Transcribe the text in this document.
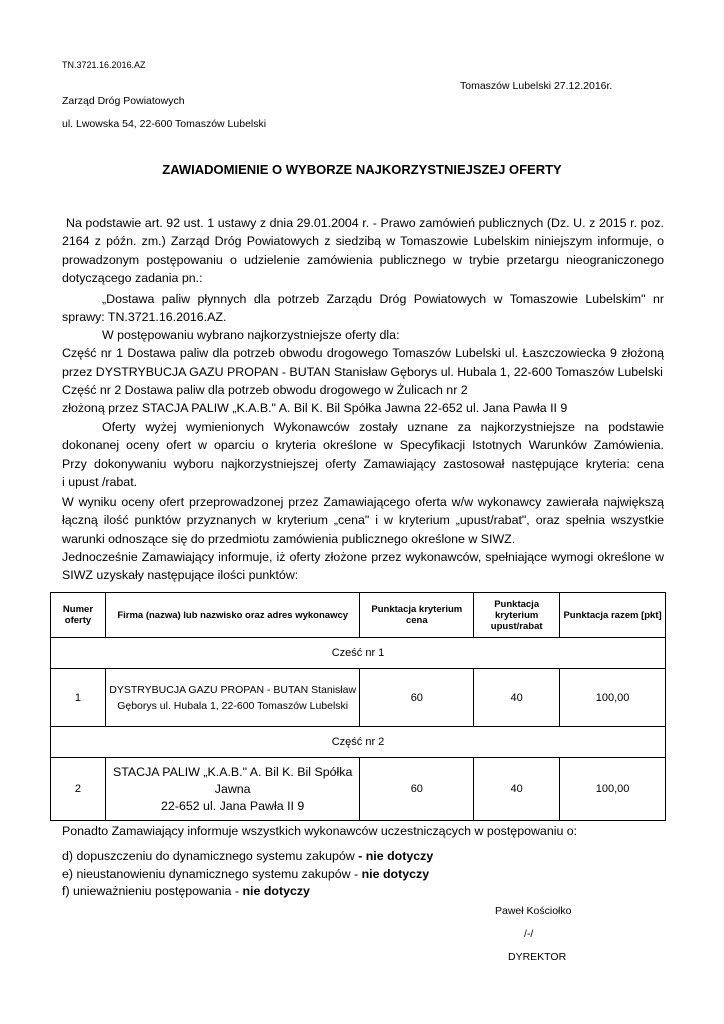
TN.3721.16.2016.AZ
Tomaszów Lubelski 27.12.2016r.
Zarząd Dróg Powiatowych
ul. Lwowska 54, 22-600 Tomaszów Lubelski
ZAWIADOMIENIE O WYBORZE NAJKORZYSTNIEJSZEJ OFERTY
Na podstawie art. 92 ust. 1 ustawy z dnia 29.01.2004 r. - Prawo zamówień publicznych (Dz. U. z 2015 r. poz.
2164 z późn. zm.) Zarząd Dróg Powiatowych z siedzibą w Tomaszowie Lubelskim niniejszym informuje, o
prowadzonym postępowaniu o udzielenie zamówienia publicznego w trybie przetargu nieograniczonego
dotyczącego zadania pn.:
„Dostawa paliw płynnych dla potrzeb Zarządu Dróg Powiatowych w Tomaszowie Lubelskim" nr
sprawy: TN.3721.16.2016.AZ.
W postępowaniu wybrano najkorzystniejsze oferty dla:
Część nr 1 Dostawa paliw dla potrzeb obwodu drogowego Tomaszów Lubelski ul. Łaszczowiecka 9 złożoną
przez DYSTRYBUCJA GAZU PROPAN - BUTAN Stanisław Gęborys ul. Hubala 1, 22-600 Tomaszów Lubelski
Część nr 2 Dostawa paliw dla potrzeb obwodu drogowego w Żulicach nr 2
złożoną przez STACJA PALIW „K.A.B." A. Bil K. Bil Spółka Jawna 22-652 ul. Jana Pawła II 9
Oferty wyżej wymienionych Wykonawców zostały uznane za najkorzystniejsze na podstawie
dokonanej oceny ofert w oparciu o kryteria określone w Specyfikacji Istotnych Warunków Zamówienia.
Przy dokonywaniu wyboru najkorzystniejszej oferty Zamawiający zastosował następujące kryteria: cena
i upust /rabat.
W wyniku oceny ofert przeprowadzonej przez Zamawiającego oferta w/w wykonawcy zawierała największą
łączną ilość punktów przyznanych w kryterium „cena" i w kryterium „upust/rabat", oraz spełnia wszystkie
warunki odnoszące się do przedmiotu zamówienia publicznego określone w SIWZ.
Jednocześnie Zamawiający informuje, iż oferty złożone przez wykonawców, spełniające wymogi określone w
SIWZ uzyskały następujące ilości punktów:
Numer oferty	Firma (nazwa) lub nazwisko oraz adres wykonawcy	Punktacja kryterium cena	Punktacja kryterium upust/rabat	Punktacja razem [pkt]
Cześć nr 1				
1	DYSTRYBUCJA GAZU PROPAN - BUTAN Stanisław
Gęborys ul. Hubala 1, 22-600 Tomaszów Lubelski	60	40	100,00
Część nr 2				
2	STACJA PALIW „K.A.B." A. Bil K. Bil Spółka Jawna
22-652 ul. Jana Pawła II 9	60	40	100,00
Ponadto Zamawiający informuje wszystkich wykonawców uczestniczących w postępowaniu o:
d) dopuszczeniu do dynamicznego systemu zakupów - nie dotyczy
e) nieustanowieniu dynamicznego systemu zakupów - nie dotyczy
f) unieważnieniu postępowania - nie dotyczy
Paweł Kościołko
/-/
DYREKTOR
